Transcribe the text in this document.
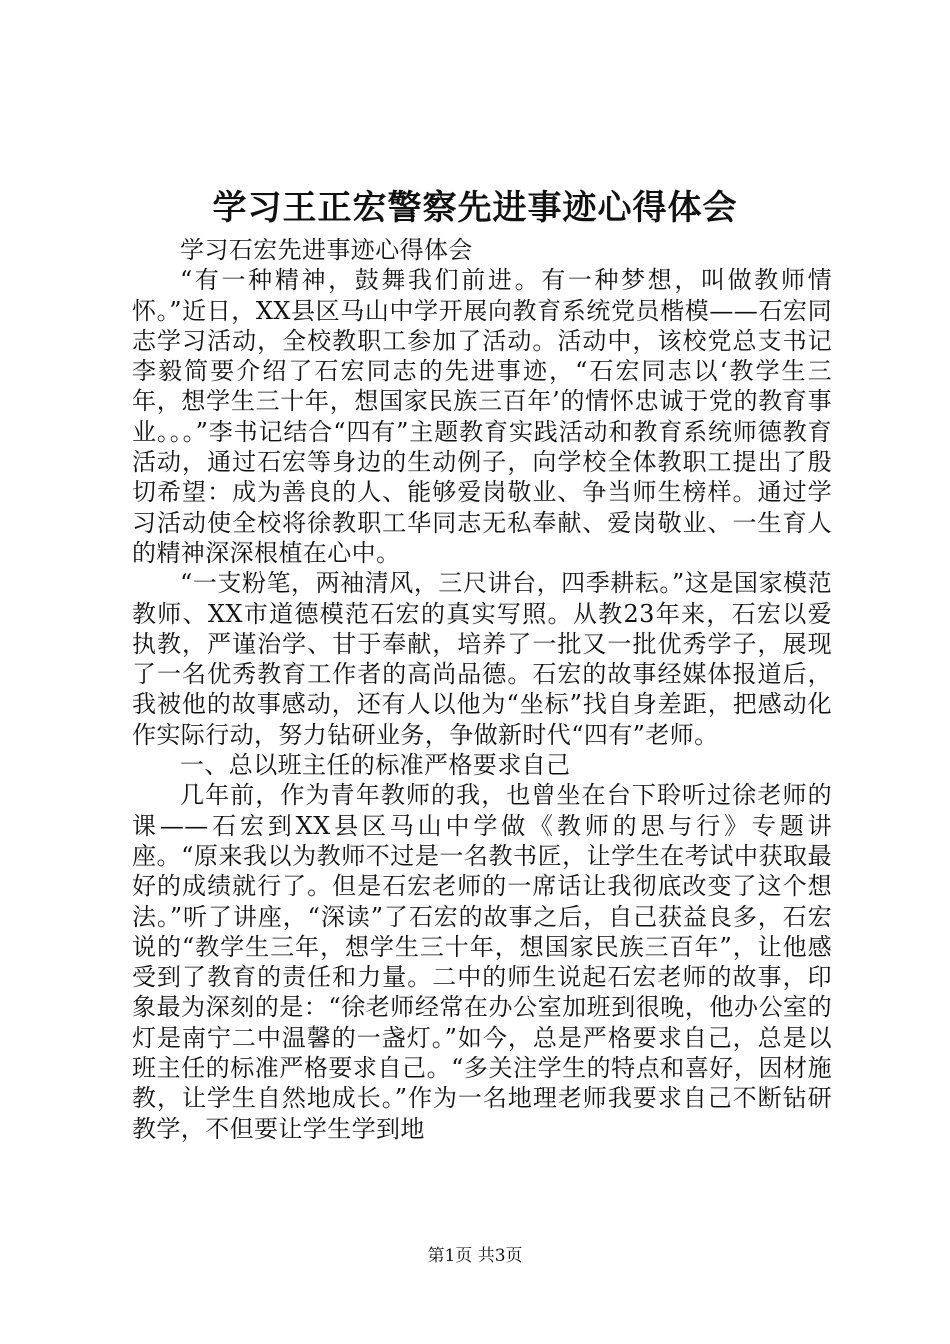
学习王正宏警察先进事迹心得体会

学习石宏先进事迹心得体会

“有一种精神，鼓舞我们前进。有一种梦想，叫做教师情怀。”近日，XX县区马山中学开展向教育系统党员楷模——石宏同志学习活动，全校教职工参加了活动。活动中，该校党总支书记李毅简要介绍了石宏同志的先进事迹，“石宏同志以‘教学生三年，想学生三十年，想国家民族三百年’的情怀忠诚于党的教育事业。。。”李书记结合“四有”主题教育实践活动和教育系统师德教育活动，通过石宏等身边的生动例子，向学校全体教职工提出了殷切希望：成为善良的人、能够爱岗敬业、争当师生榜样。通过学习活动使全校将徐教职工华同志无私奉献、爱岗敬业、一生育人的精神深深根植在心中。

“一支粉笔，两袖清风，三尺讲台，四季耕耘。”这是国家模范教师、XX市道德模范石宏的真实写照。从教23年来，石宏以爱执教，严谨治学、甘于奉献，培养了一批又一批优秀学子，展现了一名优秀教育工作者的高尚品德。石宏的故事经媒体报道后，我被他的故事感动，还有人以他为“坐标”找自身差距，把感动化作实际行动，努力钻研业务，争做新时代“四有”老师。

一、总以班主任的标准严格要求自己

几年前，作为青年教师的我，也曾坐在台下聆听过徐老师的课——石宏到XX县区马山中学做《教师的思与行》专题讲座。“原来我以为教师不过是一名教书匠，让学生在考试中获取最好的成绩就行了。但是石宏老师的一席话让我彻底改变了这个想法。”听了讲座，“深读”了石宏的故事之后，自己获益良多，石宏说的“教学生三年，想学生三十年，想国家民族三百年”，让他感受到了教育的责任和力量。二中的师生说起石宏老师的故事，印象最为深刻的是：“徐老师经常在办公室加班到很晚，他办公室的灯是南宁二中温馨的一盏灯。”如今，总是严格要求自己，总是以班主任的标准严格要求自己。“多关注学生的特点和喜好，因材施教，让学生自然地成长。”作为一名地理老师我要求自己不断钻研教学，不但要让学生学到地

第1页 共3页
